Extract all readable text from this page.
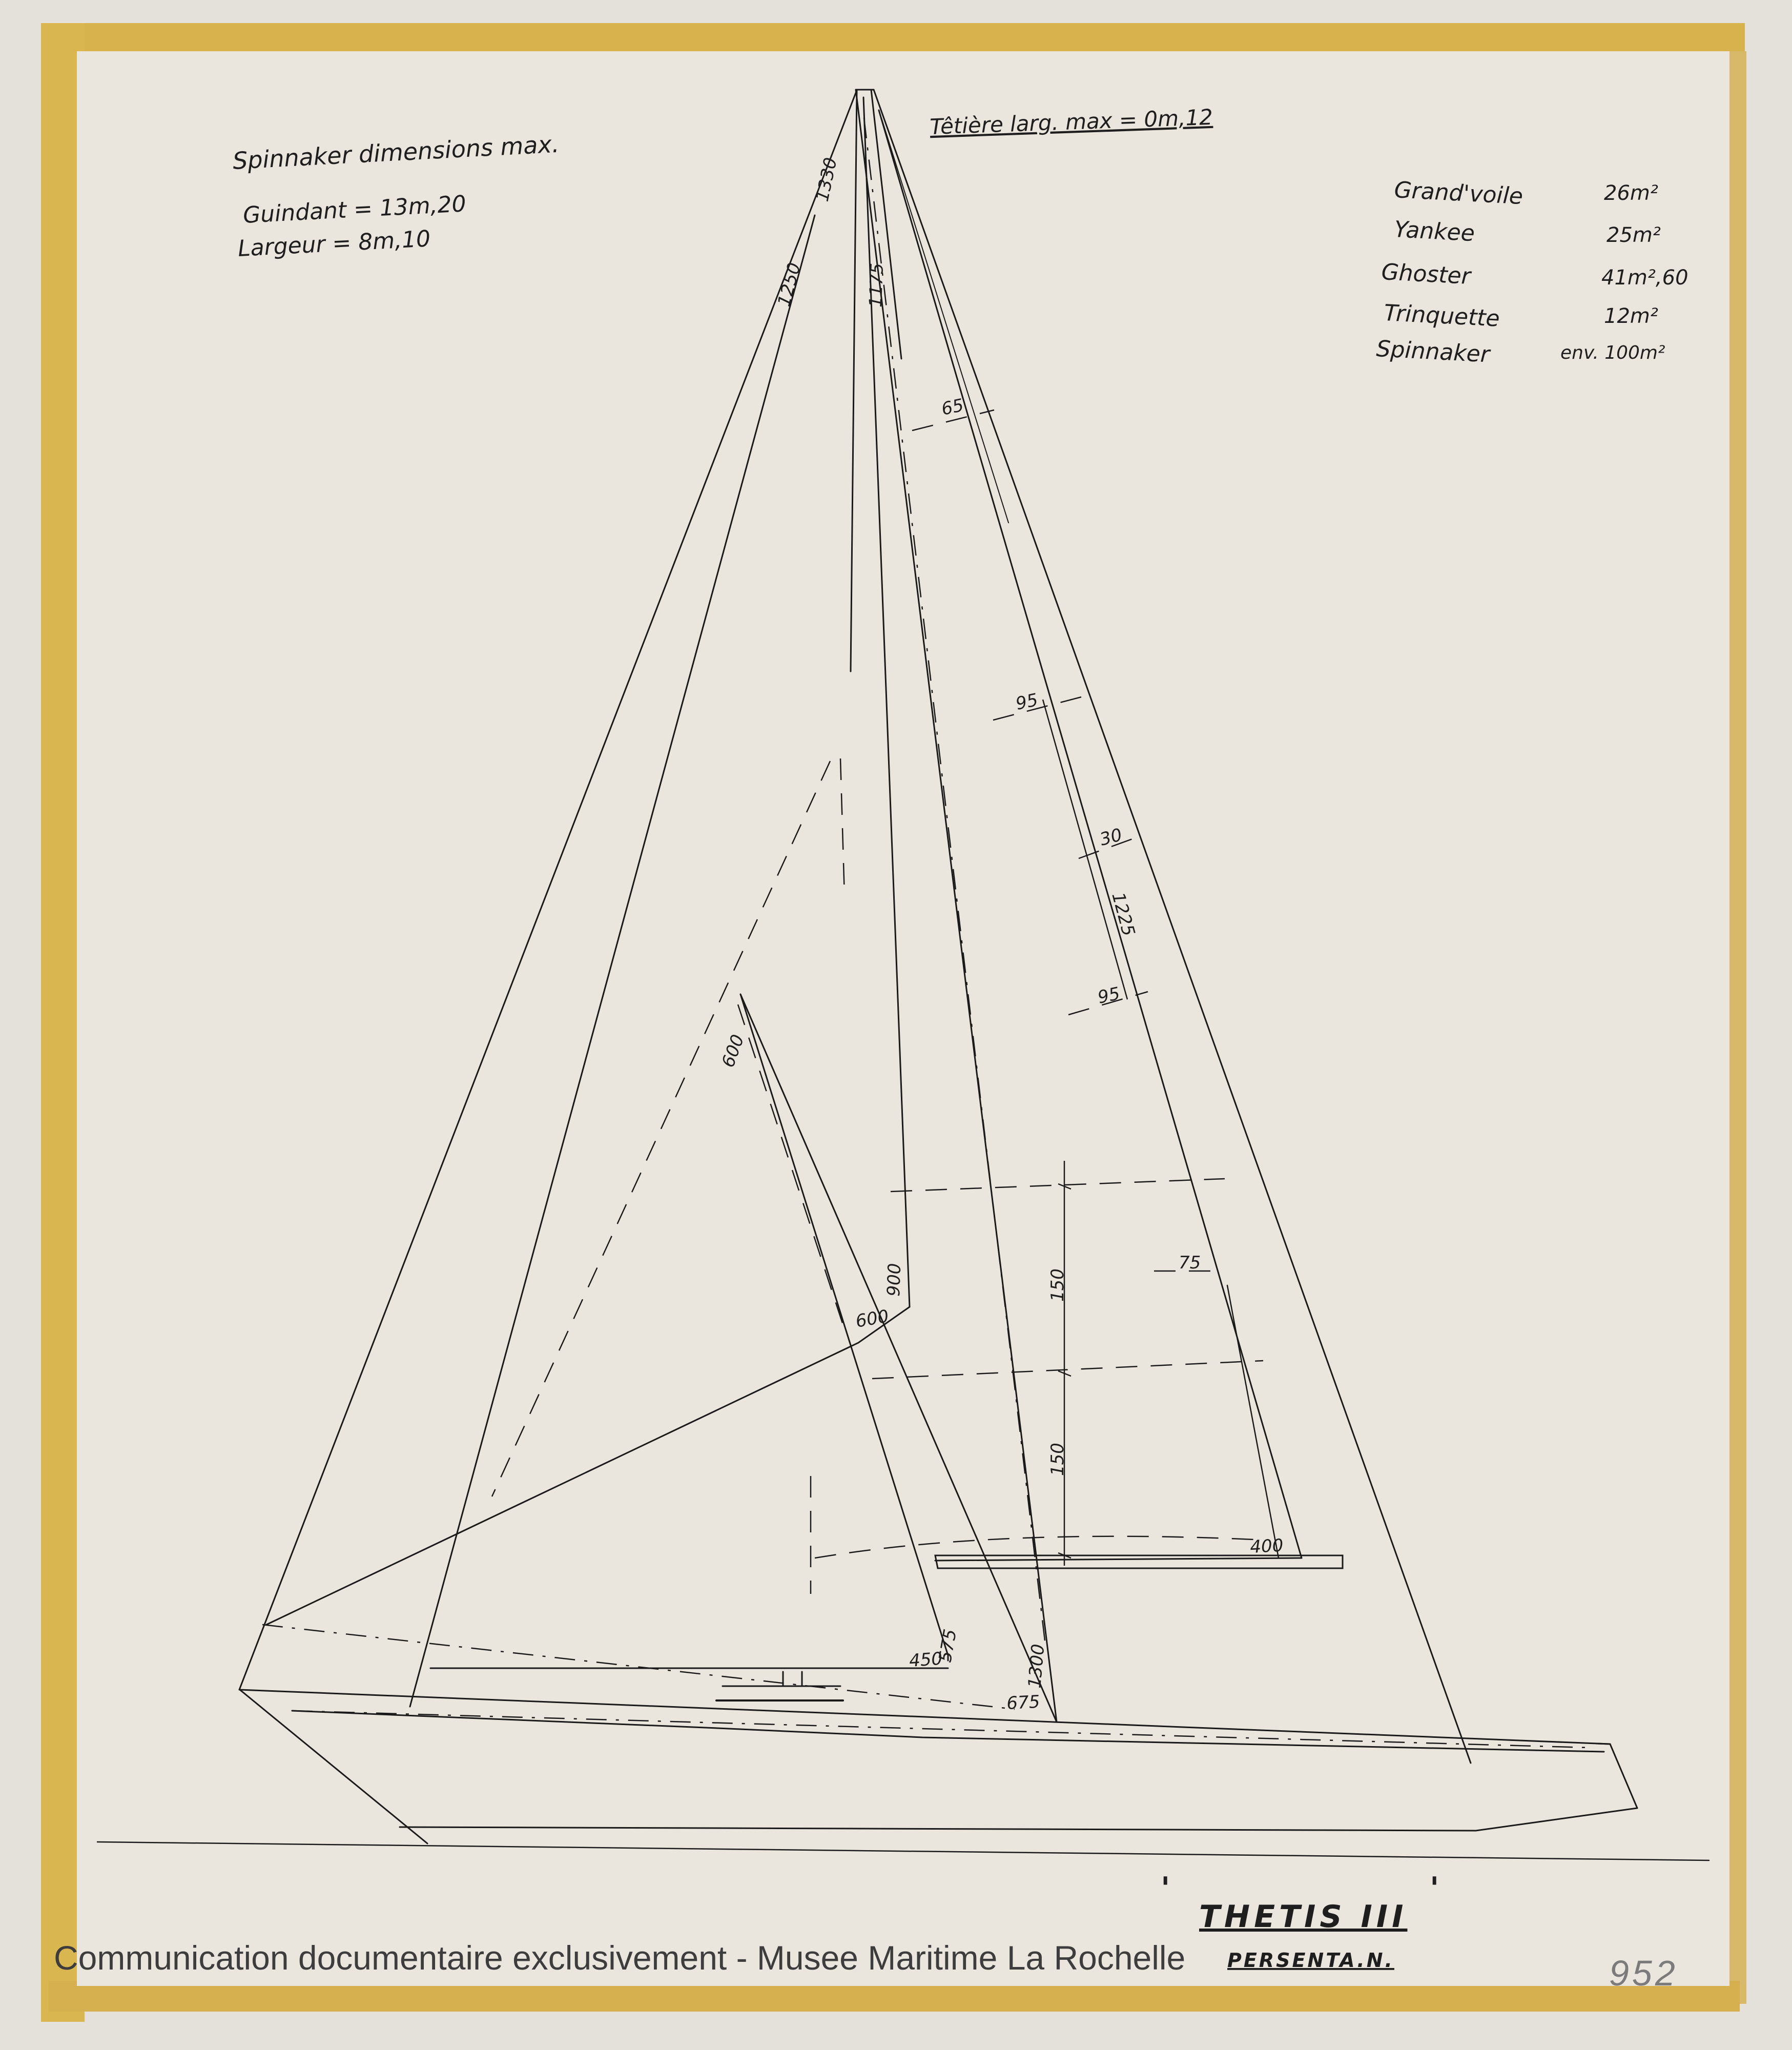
Spinnaker dimensions max.
Guindant = 13m,20
Largeur = 8m,10
Têtière larg. max = 0m,12
Grand'voile	26m²
Yankee	25m²
Ghoster	41m²,60
Trinquette	12m²
Spinnaker	env. 100m²
1250
1330
1175
65
95
30
1225
95
600
150
75
900
600
150
400
575
450	1300
675
'	'
THETIS III
PERSENTA.N.
Communication documentaire exclusivement - Musee Maritime La Rochelle	952
